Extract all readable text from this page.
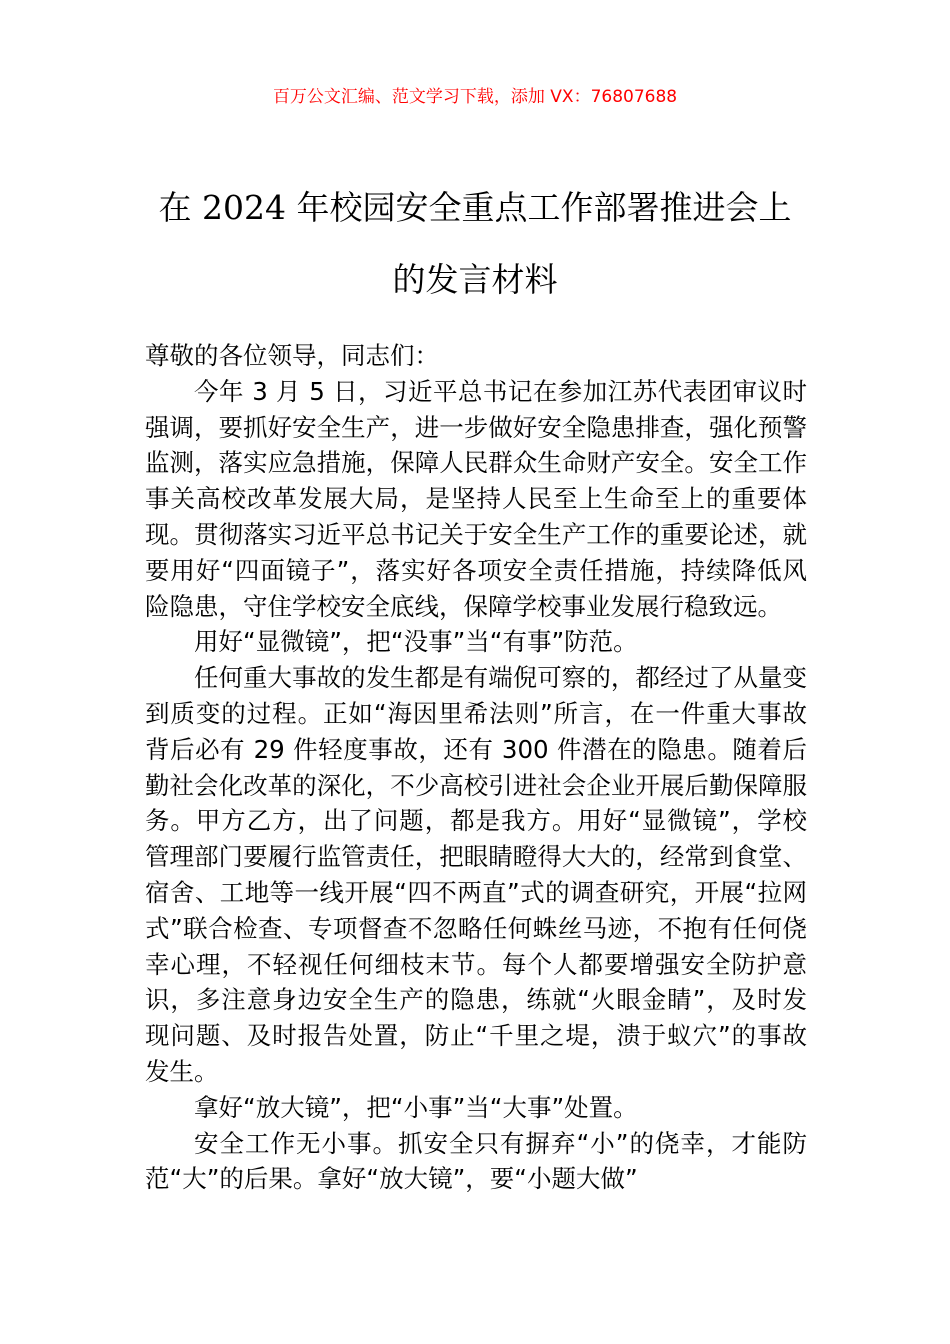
百万公文汇编、范文学习下载，添加 VX：76807688
在 2024 年校园安全重点工作部署推进会上
的发言材料

尊敬的各位领导，同志们：

今年 3 月 5 日，习近平总书记在参加江苏代表团审议时强调，要抓好安全生产，进一步做好安全隐患排查，强化预警监测，落实应急措施，保障人民群众生命财产安全。安全工作事关高校改革发展大局，是坚持人民至上生命至上的重要体现。贯彻落实习近平总书记关于安全生产工作的重要论述，就要用好“四面镜子”，落实好各项安全责任措施，持续降低风险隐患，守住学校安全底线，保障学校事业发展行稳致远。

用好“显微镜”，把“没事”当“有事”防范。

任何重大事故的发生都是有端倪可察的，都经过了从量变到质变的过程。正如“海因里希法则”所言，在一件重大事故背后必有 29 件轻度事故，还有 300 件潜在的隐患。随着后勤社会化改革的深化，不少高校引进社会企业开展后勤保障服务。甲方乙方，出了问题，都是我方。用好“显微镜”，学校管理部门要履行监管责任，把眼睛瞪得大大的，经常到食堂、宿舍、工地等一线开展“四不两直”式的调查研究，开展“拉网式”联合检查、专项督查不忽略任何蛛丝马迹，不抱有任何侥幸心理，不轻视任何细枝末节。每个人都要增强安全防护意识，多注意身边安全生产的隐患，练就“火眼金睛”，及时发现问题、及时报告处置，防止“千里之堤，溃于蚁穴”的事故发生。

拿好“放大镜”，把“小事”当“大事”处置。

安全工作无小事。抓安全只有摒弃“小”的侥幸，才能防范“大”的后果。拿好“放大镜”，要“小题大做”
